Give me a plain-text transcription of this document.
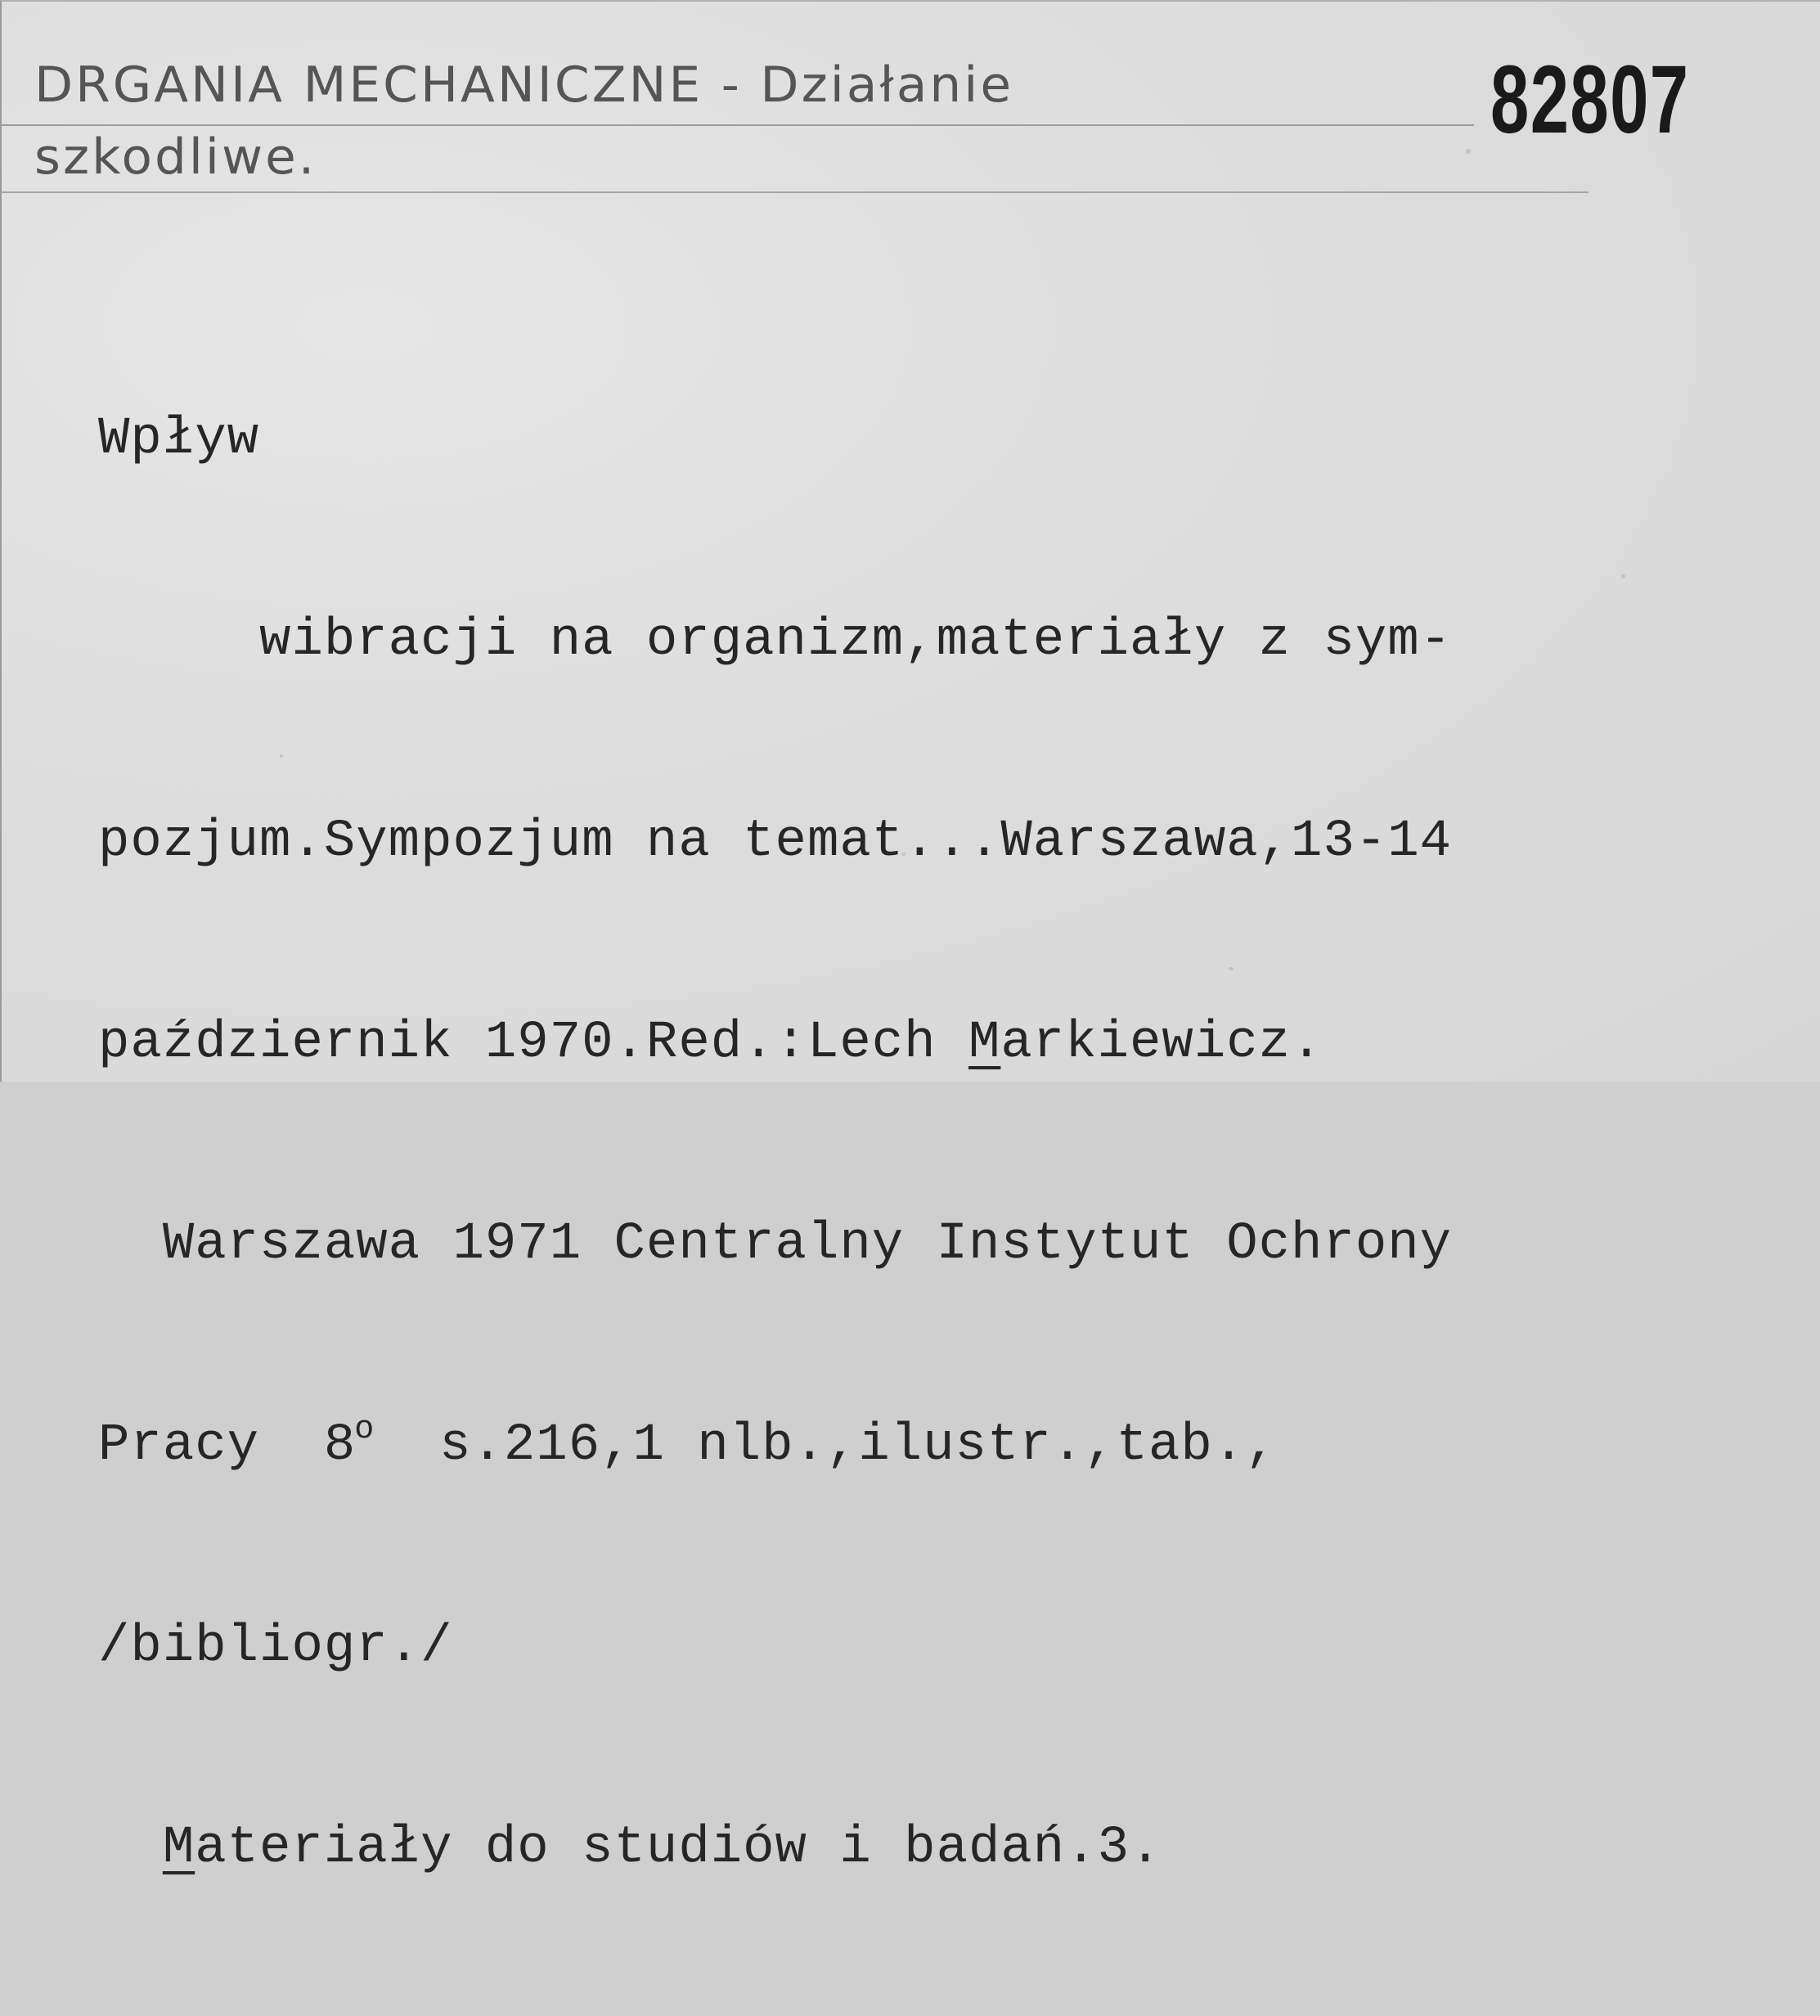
DRGANIA MECHANICZNE - Działanie
szkodliwe.
82807

Wpływ

wibracji na organizm,materiały z sym-

pozjum.Sympozjum na temat...Warszawa,13-14

październik 1970.Red.:Lech Markiewicz.

Warszawa 1971 Centralny Instytut Ochrony

Pracy  8$^o$  s.216,1 nlb.,ilustr.,tab.,

/bibliogr./

Materiały do studiów i badań.3.
